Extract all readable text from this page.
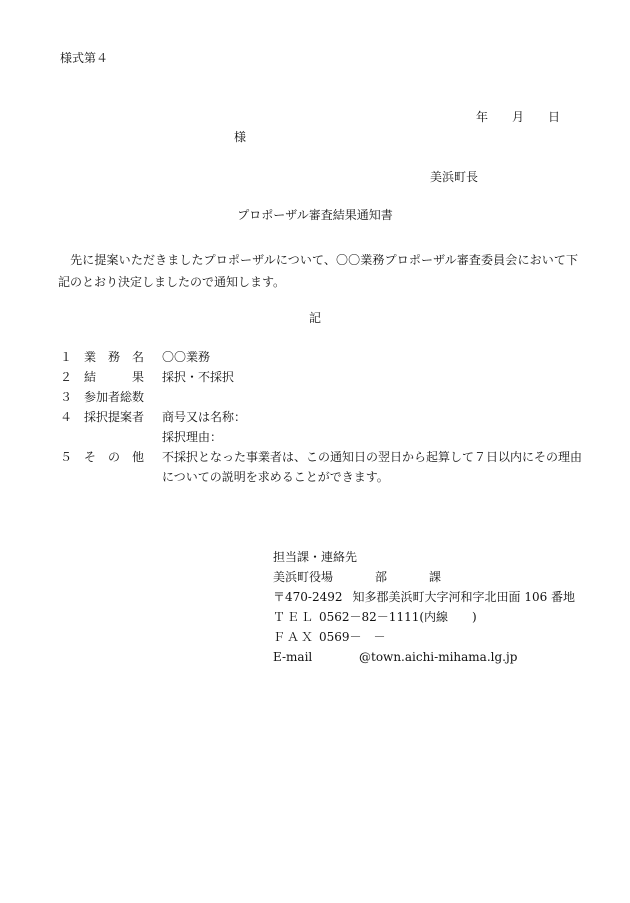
様式第４
年 月 日
様
美浜町長
プロポーザル審査結果通知書
　先に提案いただきましたプロポーザルについて、〇〇業務プロポーザル審査委員会において下記のとおり決定しましたので通知します。
記
１ 業 務 名 〇〇業務
２ 結	果 採択・不採択
３ 参加者総数
４ 採択提案者 商号又は名称：
採択理由：
５ そ の 他 不採択となった事業者は、この通知日の翌日から起算して７日以内にその理由
についての説明を求めることができます。
担当課・連絡先
美浜町役場	部	課
〒470-2492 知多郡美浜町大字河和字北田面 106 番地
ＴＥＬ 0562－82－1111(内線　　)
ＦＡＸ 0569－　－
E-mail	@town.aichi-mihama.lg.jp
